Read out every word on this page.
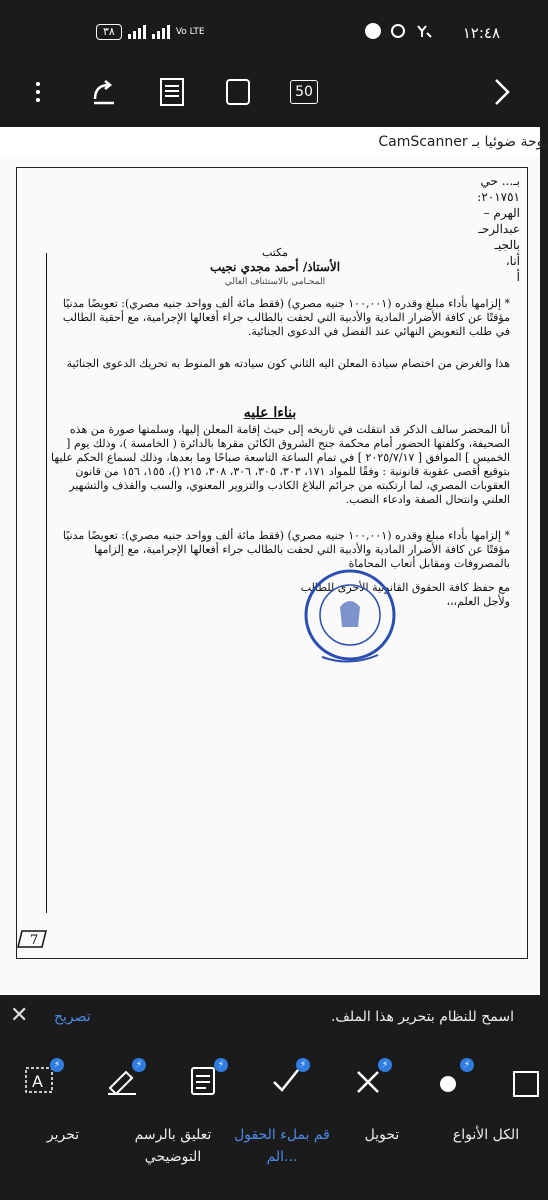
٣٨	Vo LTE	١٢:٤٨
50
CamScanner ـوحة ضوئيا بـ
بـ... حي
٢٠١٧٥١:
الهرم –
عبدالرحـ
بالجيـ
أنا،
أ
مكتب
الأستاذ/ أحمد مجدي نجيب
المحـامي بالاستئناف العالي
* إلزامها بأداء مبلغ وقدره (١٠٠,٠٠١ جنيه مصري) (فقط مائة ألف وواحد جنيه مصري): تعويضًا مدنيًا مؤقتًا عن كافة الأضرار المادية والأدبية التي لحقت بالطالب جراء أفعالها الإجرامية، مع أحقية الطالب في طلب التعويض النهائي عند الفصل في الدعوى الجنائية.
هذا والغرض من اختصام سيادة المعلن اليه الثاني كون سيادته هو المنوط به تحريك الدعوى الجنائية
بناءا عليه
أنا المحضر سالف الذكر قد انتقلت في تاريخه إلى حيث إقامة المعلن إليها، وسلمتها صورة من هذه الصحيفة، وكلفتها الحضور أمام محكمة جنح الشروق الكائن مقرها بالدائرة ( الخامسة )، وذلك يوم [ الخميس ] الموافق [ ٢٠٢٥/٧/١٧ ] في تمام الساعة التاسعة صباحًا وما بعدها، وذلك لسماع الحكم عليها بتوقيع أقصى عقوبة قانونية : وفقًا للمواد ١٧١، ٣٠٣، ٣٠٥، ٣٠٦، ٣٠٨، ٢١٥ ()، ١٥٥، ١٥٦ من قانون العقوبات المصري، لما ارتكبته من جرائم البلاغ الكاذب والتزوير المعنوي، والسب والقذف والتشهير العلني وانتحال الصفة وادعاء النصب.
* إلزامها بأداء مبلغ وقدره (١٠٠,٠٠١ جنيه مصري) (فقط مائة ألف وواحد جنيه مصري): تعويضًا مدنيًا مؤقتًا عن كافة الأضرار المادية والأدبية التي لحقت بالطالب جراء أفعالها الإجرامية، مع إلزامها بالمصروفات ومقابل أتعاب المحاماة
مع حفظ كافة الحقوق القانونية الأخرى للطالب
ولأجل العلم،،،
7
✕ تصريح	اسمح للنظام بتحرير هذا الملف.
A
⚡	⚡	⚡	⚡	⚡	⚡
الكل الأنواع
تحويل
قم بملء الحقول الم...
تعليق بالرسم التوضيحي
تحرير
